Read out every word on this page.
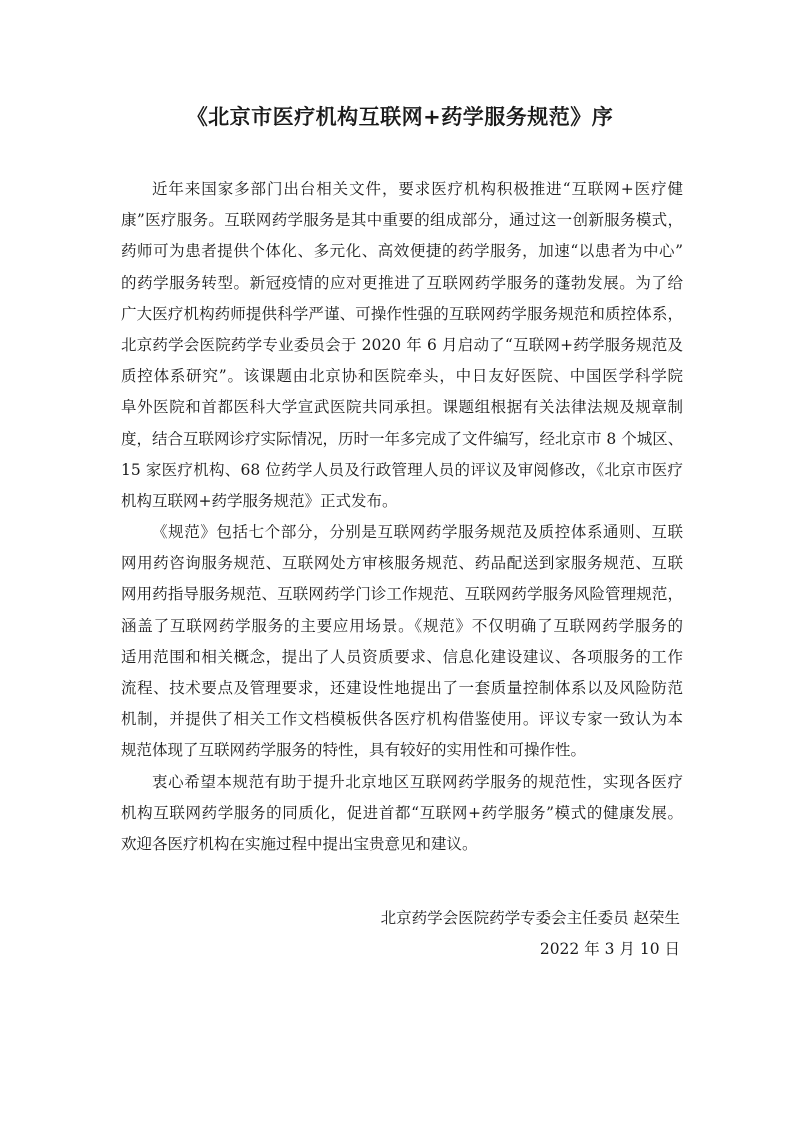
《北京市医疗机构互联网+药学服务规范》序
近年来国家多部门出台相关文件，要求医疗机构积极推进“互联网+医疗健
康”医疗服务。互联网药学服务是其中重要的组成部分，通过这一创新服务模式，
药师可为患者提供个体化、多元化、高效便捷的药学服务，加速“以患者为中心”
的药学服务转型。新冠疫情的应对更推进了互联网药学服务的蓬勃发展。为了给
广大医疗机构药师提供科学严谨、可操作性强的互联网药学服务规范和质控体系，
北京药学会医院药学专业委员会于 2020 年 6 月启动了“互联网+药学服务规范及
质控体系研究”。该课题由北京协和医院牵头，中日友好医院、中国医学科学院
阜外医院和首都医科大学宣武医院共同承担。课题组根据有关法律法规及规章制
度，结合互联网诊疗实际情况，历时一年多完成了文件编写，经北京市 8 个城区、
15 家医疗机构、68 位药学人员及行政管理人员的评议及审阅修改，《北京市医疗
机构互联网+药学服务规范》正式发布。
《规范》包括七个部分，分别是互联网药学服务规范及质控体系通则、互联
网用药咨询服务规范、互联网处方审核服务规范、药品配送到家服务规范、互联
网用药指导服务规范、互联网药学门诊工作规范、互联网药学服务风险管理规范，
涵盖了互联网药学服务的主要应用场景。《规范》不仅明确了互联网药学服务的
适用范围和相关概念，提出了人员资质要求、信息化建设建议、各项服务的工作
流程、技术要点及管理要求，还建设性地提出了一套质量控制体系以及风险防范
机制，并提供了相关工作文档模板供各医疗机构借鉴使用。评议专家一致认为本
规范体现了互联网药学服务的特性，具有较好的实用性和可操作性。
衷心希望本规范有助于提升北京地区互联网药学服务的规范性，实现各医疗
机构互联网药学服务的同质化，促进首都“互联网+药学服务”模式的健康发展。
欢迎各医疗机构在实施过程中提出宝贵意见和建议。
北京药学会医院药学专委会主任委员 赵荣生
2022 年 3 月 10 日
